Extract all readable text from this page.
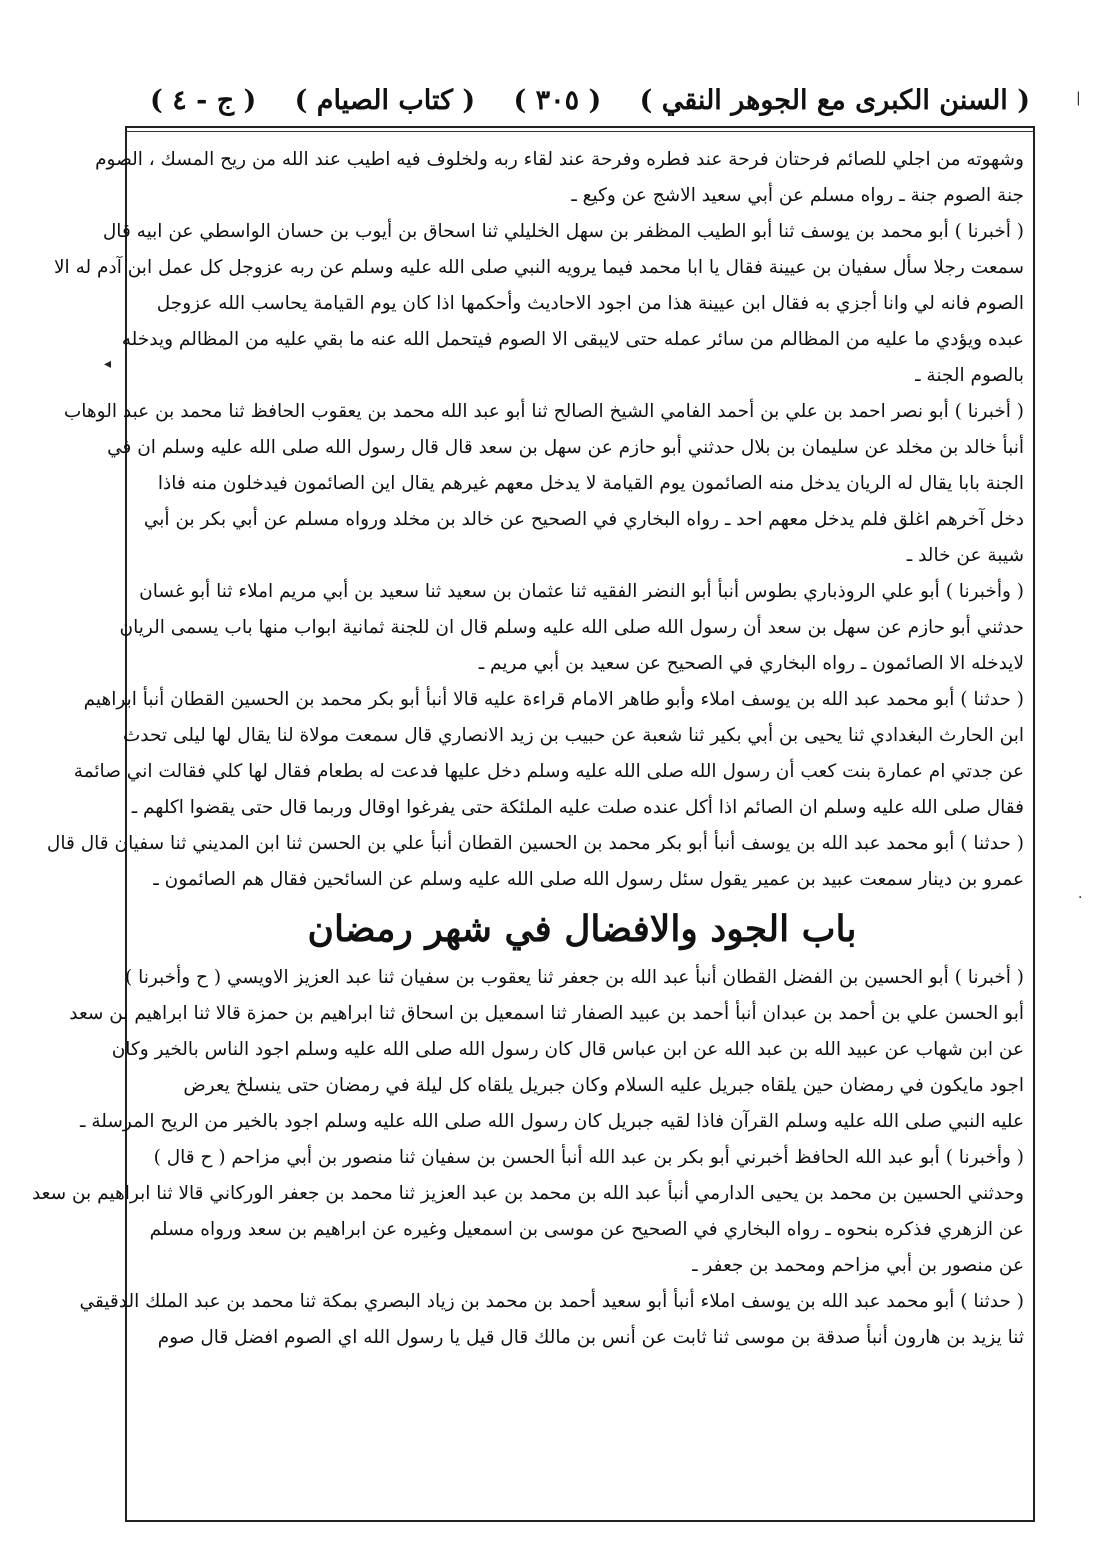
( السنن الكبرى مع الجوهر النقي )
( ٣٠٥ )
( كتاب الصيام )
( ج - ٤ )
وشهوته من اجلي للصائم فرحتان فرحة عند فطره وفرحة عند لقاء ربه ولخلوف فيه اطيب عند الله من ريح المسك ، الصوم
جنة الصوم جنة ـ رواه مسلم عن أبي سعيد الاشج عن وكيع ـ
( أخبرنا ) أبو محمد بن يوسف ثنا أبو الطيب المظفر بن سهل الخليلي ثنا اسحاق بن أيوب بن حسان الواسطي عن ابيه قال
سمعت رجلا سأل سفيان بن عيينة فقال يا ابا محمد فيما يرويه النبي صلى الله عليه وسلم عن ربه عزوجل كل عمل ابن آدم له الا
الصوم فانه لي وانا أجزي به فقال ابن عيينة هذا من اجود الاحاديث وأحكمها اذا كان يوم القيامة يحاسب الله عزوجل
عبده ويؤدي ما عليه من المظالم من سائر عمله حتى لايبقى الا الصوم فيتحمل الله عنه ما بقي عليه من المظالم ويدخله
بالصوم الجنة ـ
( أخبرنا ) أبو نصر احمد بن علي بن أحمد الفامي الشيخ الصالح ثنا أبو عبد الله محمد بن يعقوب الحافظ ثنا محمد بن عبد الوهاب
أنبأ خالد بن مخلد عن سليمان بن بلال حدثني أبو حازم عن سهل بن سعد قال قال رسول الله صلى الله عليه وسلم ان في
الجنة بابا يقال له الريان يدخل منه الصائمون يوم القيامة لا يدخل معهم غيرهم يقال اين الصائمون فيدخلون منه فاذا
دخل آخرهم اغلق فلم يدخل معهم احد ـ رواه البخاري في الصحيح عن خالد بن مخلد ورواه مسلم عن أبي بكر بن أبي
شيبة عن خالد ـ
( وأخبرنا ) أبو علي الروذباري بطوس أنبأ أبو النضر الفقيه ثنا عثمان بن سعيد ثنا سعيد بن أبي مريم املاء ثنا أبو غسان
حدثني أبو حازم عن سهل بن سعد أن رسول الله صلى الله عليه وسلم قال ان للجنة ثمانية ابواب منها باب يسمى الريان
لايدخله الا الصائمون ـ رواه البخاري في الصحيح عن سعيد بن أبي مريم ـ
( حدثنا ) أبو محمد عبد الله بن يوسف املاء وأبو طاهر الامام قراءة عليه قالا أنبأ أبو بكر محمد بن الحسين القطان أنبأ ابراهيم
ابن الحارث البغدادي ثنا يحيى بن أبي بكير ثنا شعبة عن حبيب بن زيد الانصاري قال سمعت مولاة لنا يقال لها ليلى تحدث
عن جدتي ام عمارة بنت كعب أن رسول الله صلى الله عليه وسلم دخل عليها فدعت له بطعام فقال لها كلي فقالت اني صائمة
فقال صلى الله عليه وسلم ان الصائم اذا أكل عنده صلت عليه الملئكة حتى يفرغوا اوقال وربما قال حتى يقضوا اكلهم ـ
( حدثنا ) أبو محمد عبد الله بن يوسف أنبأ أبو بكر محمد بن الحسين القطان أنبأ علي بن الحسن ثنا ابن المديني ثنا سفيان قال قال
عمرو بن دينار سمعت عبيد بن عمير يقول سئل رسول الله صلى الله عليه وسلم عن السائحين فقال هم الصائمون ـ
باب الجود والافضال في شهر رمضان
( أخبرنا ) أبو الحسين بن الفضل القطان أنبأ عبد الله بن جعفر ثنا يعقوب بن سفيان ثنا عبد العزيز الاويسي ( ح وأخبرنا )
أبو الحسن علي بن أحمد بن عبدان أنبأ أحمد بن عبيد الصفار ثنا اسمعيل بن اسحاق ثنا ابراهيم بن حمزة قالا ثنا ابراهيم بن سعد
عن ابن شهاب عن عبيد الله بن عبد الله عن ابن عباس قال كان رسول الله صلى الله عليه وسلم اجود الناس بالخير وكان
اجود مايكون في رمضان حين يلقاه جبريل عليه السلام وكان جبريل يلقاه كل ليلة في رمضان حتى ينسلخ يعرض
عليه النبي صلى الله عليه وسلم القرآن فاذا لقيه جبريل كان رسول الله صلى الله عليه وسلم اجود بالخير من الريح المرسلة ـ
( وأخبرنا ) أبو عبد الله الحافظ أخبرني أبو بكر بن عبد الله أنبأ الحسن بن سفيان ثنا منصور بن أبي مزاحم ( ح قال )
وحدثني الحسين بن محمد بن يحيى الدارمي أنبأ عبد الله بن محمد بن عبد العزيز ثنا محمد بن جعفر الوركاني قالا ثنا ابراهيم بن سعد
عن الزهري فذكره بنحوه ـ رواه البخاري في الصحيح عن موسى بن اسمعيل وغيره عن ابراهيم بن سعد ورواه مسلم
عن منصور بن أبي مزاحم ومحمد بن جعفر ـ
( حدثنا ) أبو محمد عبد الله بن يوسف املاء أنبأ أبو سعيد أحمد بن محمد بن زياد البصري بمكة ثنا محمد بن عبد الملك الدقيقي
ثنا يزيد بن هارون أنبأ صدقة بن موسى ثنا ثابت عن أنس بن مالك قال قيل يا رسول الله اي الصوم افضل قال صوم
◂
|
·
